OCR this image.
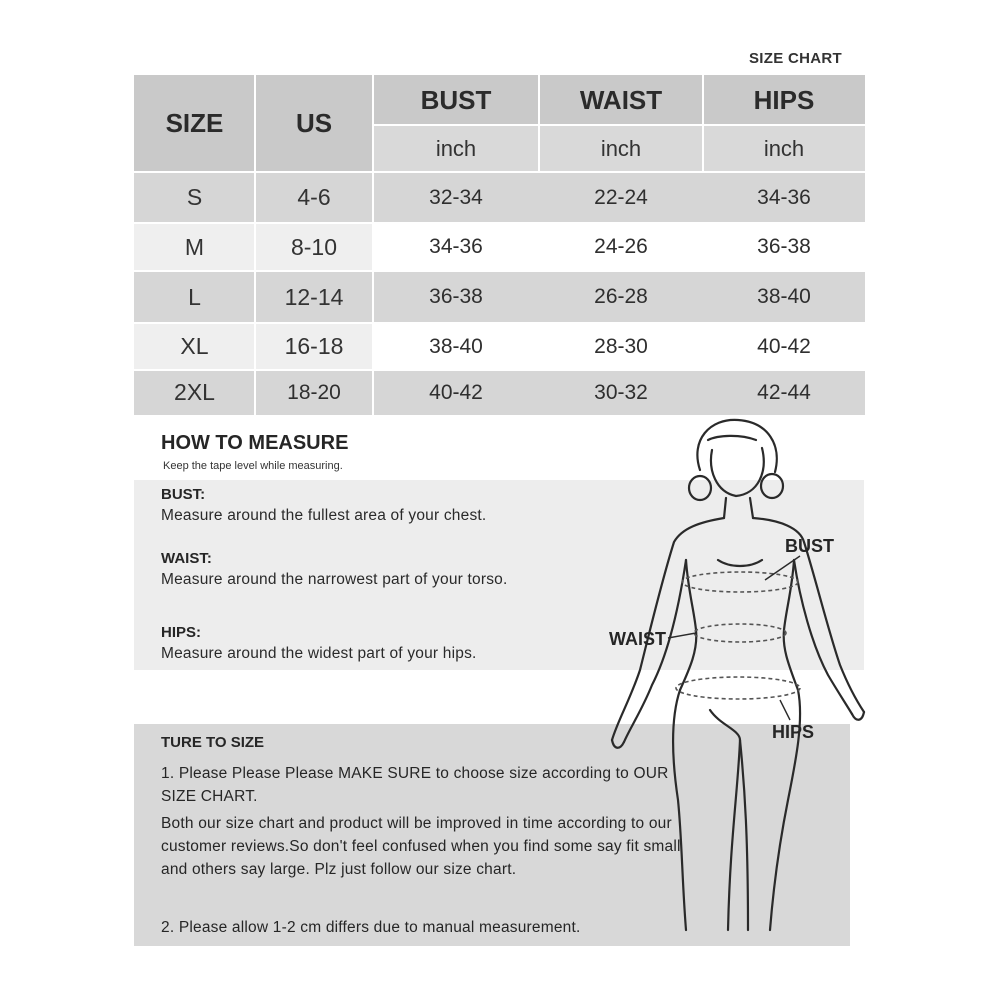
SIZE CHART
SIZE	US
BUST	WAIST	HIPS
inch	inch	inch
S	4-6	32-34	22-24	34-36
M	8-10	34-36	24-26	36-38
L	12-14	36-38	26-28	38-40
XL	16-18	38-40	28-30	40-42
2XL	18-20	40-42	30-32	42-44
HOW TO MEASURE
Keep the tape level while measuring.
BUST:
Measure around the fullest area of your chest.
WAIST:
Measure around the narrowest part of your torso.
HIPS:
Measure around the widest part of your hips.
TURE TO SIZE
1. Please Please Please MAKE SURE to choose size according to OUR SIZE CHART.
Both our size chart and product will be improved in time according to our customer reviews.So don't feel confused when you find some say fit small and others say large. Plz just follow our size chart.
2. Please allow 1-2 cm differs due to manual measurement.
BUST
WAIST
HIPS
